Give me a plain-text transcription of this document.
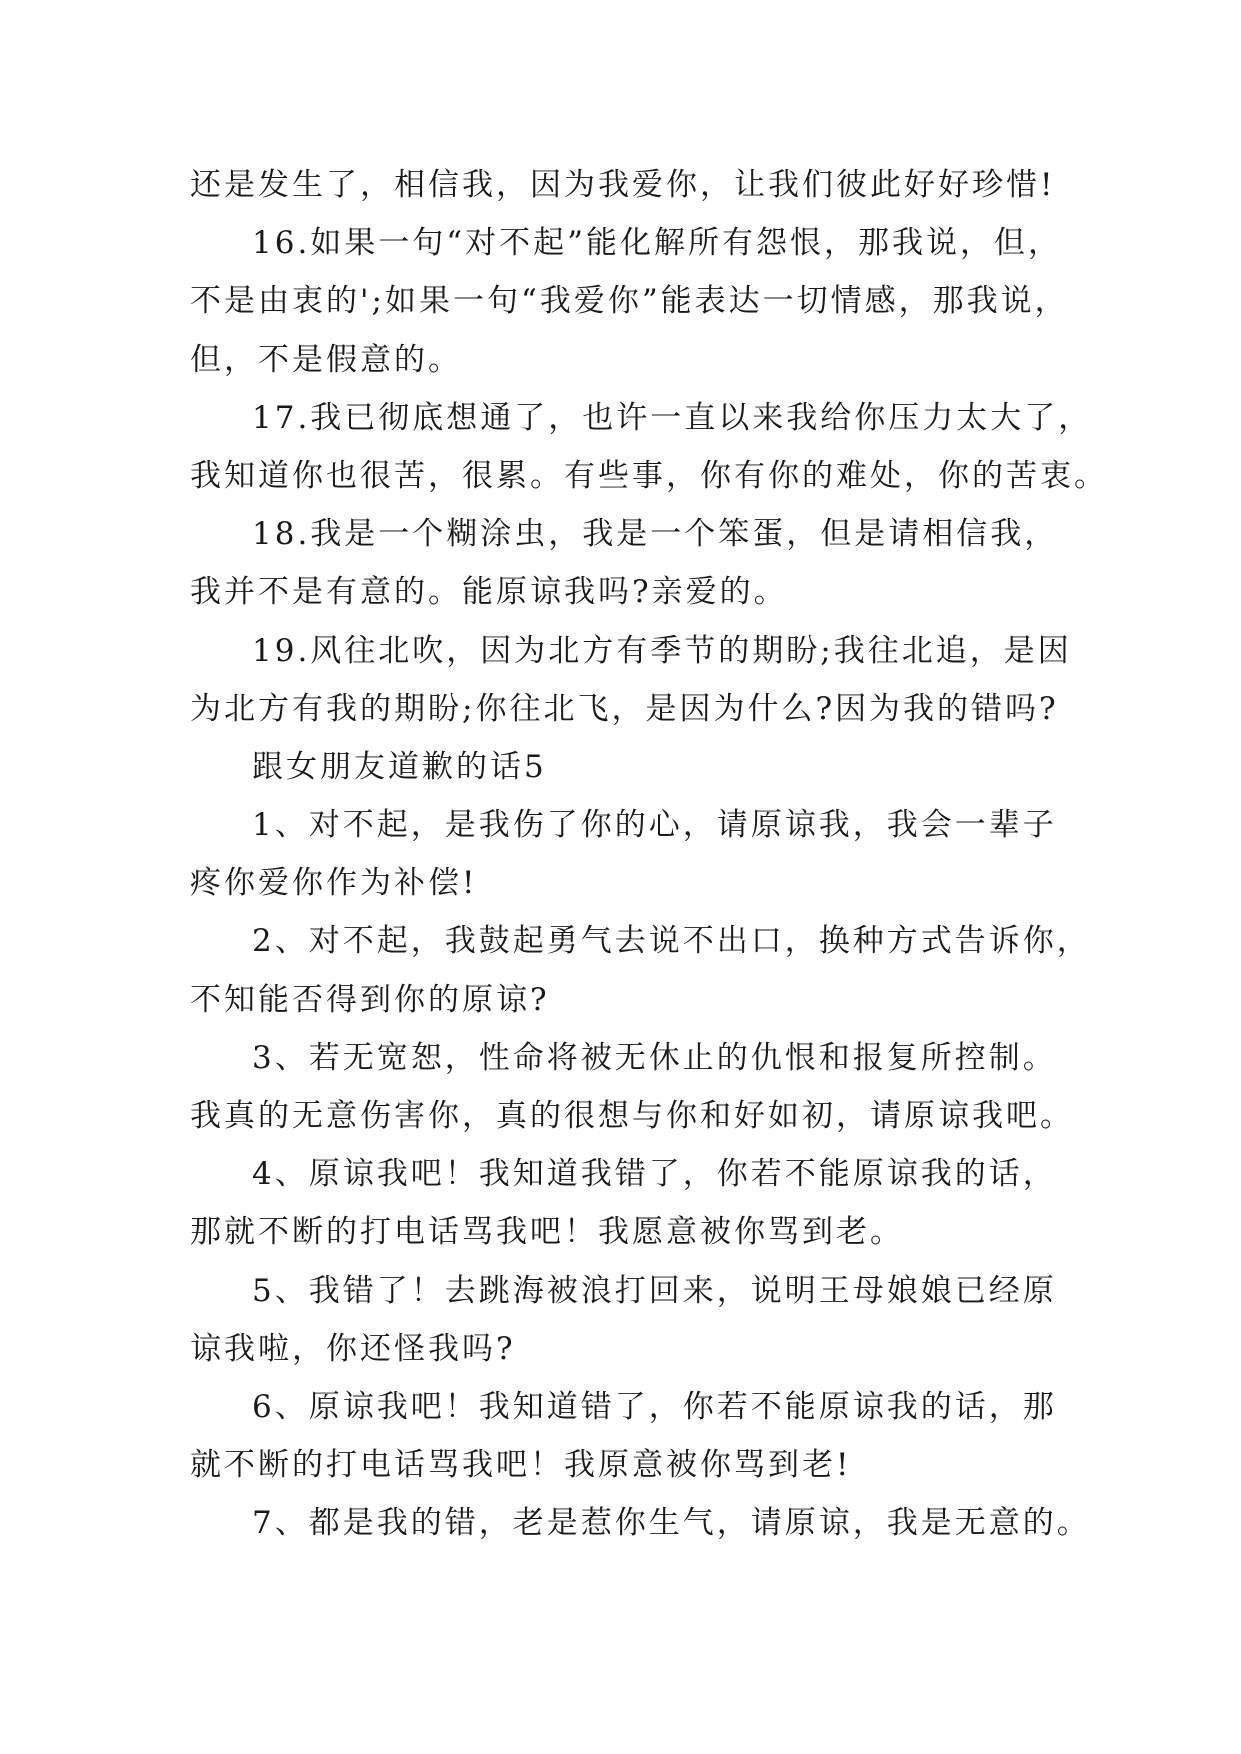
还是发生了，相信我，因为我爱你，让我们彼此好好珍惜!
16.如果一句“对不起”能化解所有怨恨，那我说，但，
不是由衷的';如果一句“我爱你”能表达一切情感，那我说，
但，不是假意的。
17.我已彻底想通了，也许一直以来我给你压力太大了，
我知道你也很苦，很累。有些事，你有你的难处，你的苦衷。
18.我是一个糊涂虫，我是一个笨蛋，但是请相信我，
我并不是有意的。能原谅我吗?亲爱的。
19.风往北吹，因为北方有季节的期盼;我往北追，是因
为北方有我的期盼;你往北飞，是因为什么?因为我的错吗?
跟女朋友道歉的话5
1、对不起，是我伤了你的心，请原谅我，我会一辈子
疼你爱你作为补偿!
2、对不起，我鼓起勇气去说不出口，换种方式告诉你，
不知能否得到你的原谅?
3、若无宽恕，性命将被无休止的仇恨和报复所控制。
我真的无意伤害你，真的很想与你和好如初，请原谅我吧。
4、原谅我吧！我知道我错了，你若不能原谅我的话，
那就不断的打电话骂我吧！我愿意被你骂到老。
5、我错了！去跳海被浪打回来，说明王母娘娘已经原
谅我啦，你还怪我吗?
6、原谅我吧！我知道错了，你若不能原谅我的话，那
就不断的打电话骂我吧！我原意被你骂到老!
7、都是我的错，老是惹你生气，请原谅，我是无意的。
